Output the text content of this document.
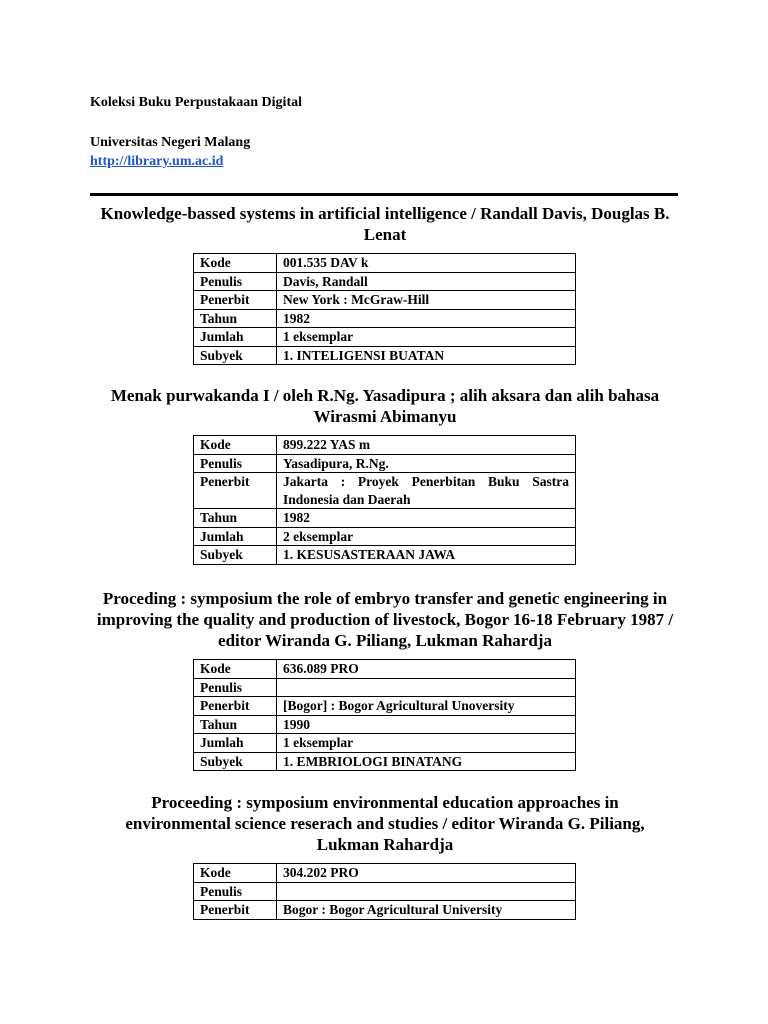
Koleksi Buku Perpustakaan Digital
Universitas Negeri Malang
http://library.um.ac.id
Knowledge-bassed systems in artificial intelligence / Randall Davis, Douglas B. Lenat
Kode	001.535 DAV k
Penulis	Davis, Randall
Penerbit	New York : McGraw-Hill
Tahun	1982
Jumlah	1 eksemplar
Subyek	1. INTELIGENSI BUATAN
Menak purwakanda I / oleh R.Ng. Yasadipura ; alih aksara dan alih bahasa Wirasmi Abimanyu
Kode	899.222 YAS m
Penulis	Yasadipura, R.Ng.
Penerbit	Jakarta : Proyek Penerbitan Buku Sastra Indonesia dan Daerah
Tahun	1982
Jumlah	2 eksemplar
Subyek	1. KESUSASTERAAN JAWA
Proceding : symposium the role of embryo transfer and genetic engineering in improving the quality and production of livestock, Bogor 16-18 February 1987 / editor Wiranda G. Piliang, Lukman Rahardja
Kode	636.089 PRO
Penulis	
Penerbit	[Bogor] : Bogor Agricultural Unoversity
Tahun	1990
Jumlah	1 eksemplar
Subyek	1. EMBRIOLOGI BINATANG
Proceeding : symposium environmental education approaches in environmental science reserach and studies / editor Wiranda G. Piliang, Lukman Rahardja
Kode	304.202 PRO
Penulis	
Penerbit	Bogor : Bogor Agricultural University
